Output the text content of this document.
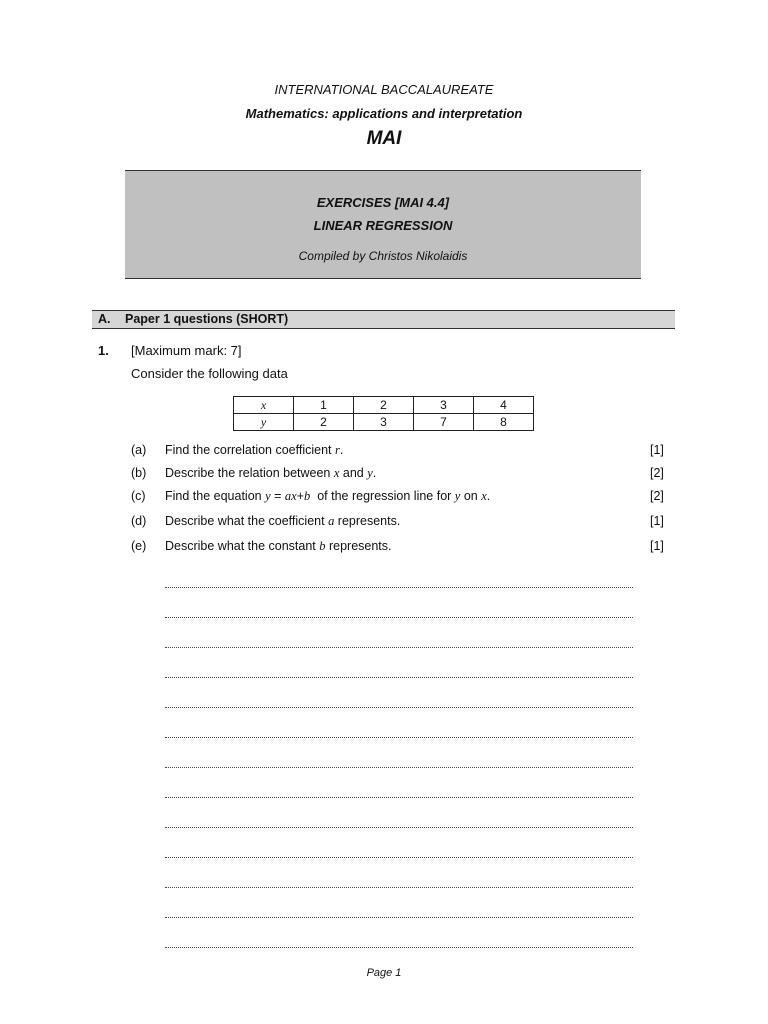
INTERNATIONAL BACCALAUREATE
Mathematics: applications and interpretation
MAI
EXERCISES [MAI 4.4]
LINEAR REGRESSION
Compiled by Christos Nikolaidis
A. Paper 1 questions (SHORT)
1. [Maximum mark: 7]
Consider the following data
x	1	2	3	4
y	2	3	7	8
(a) Find the correlation coefficient r.	[1]
(b) Describe the relation between x and y.	[2]
(c) Find the equation y = ax+b  of the regression line for y on x.	[2]
(d) Describe what the coefficient a represents.	[1]
(e) Describe what the constant b represents.	[1]
Page 1
